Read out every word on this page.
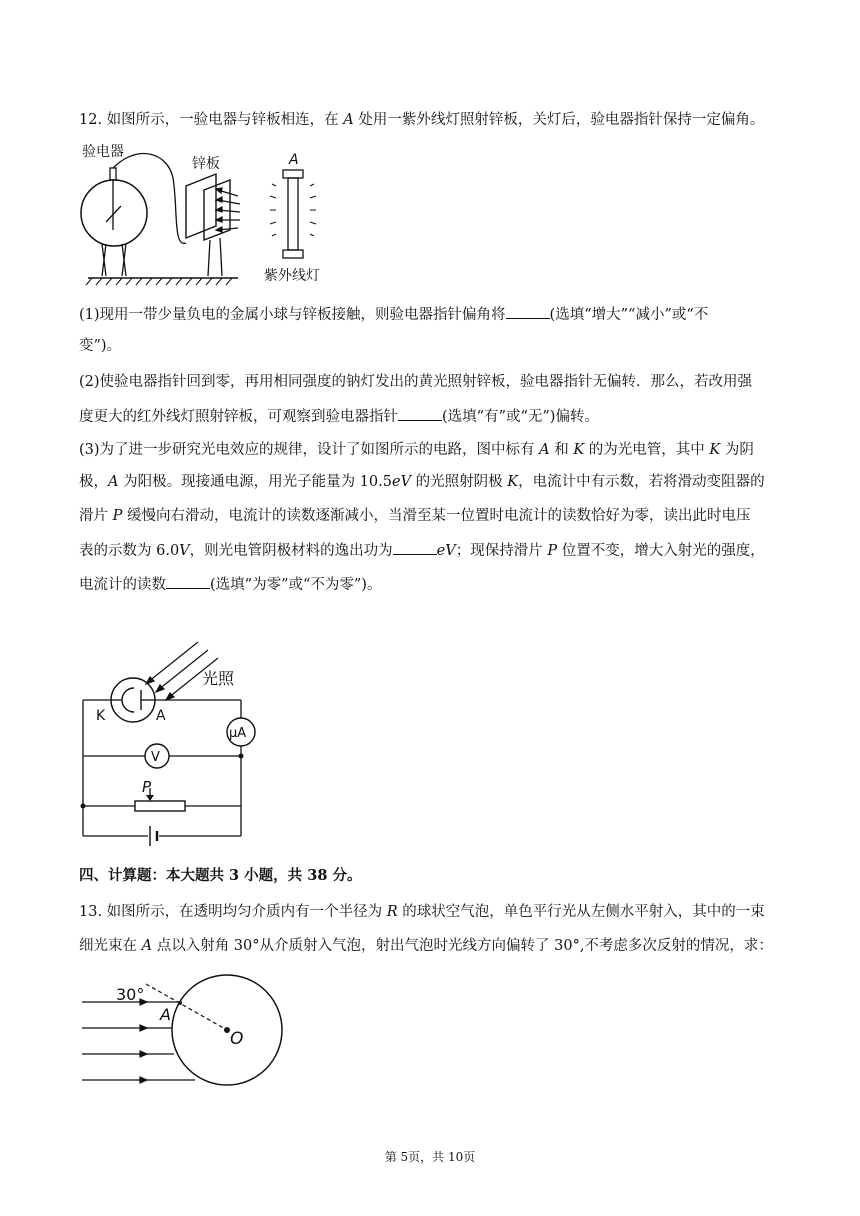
12. 如图所示，一验电器与锌板相连，在 A 处用一紫外线灯照射锌板，关灯后，验电器指针保持一定偏角。
验电器
锌板	A
紫外线灯
(1)现用一带少量负电的金属小球与锌板接触，则验电器指针偏角将	(选填“增大”“减小”或“不
变”)。
(2)使验电器指针回到零，再用相同强度的钠灯发出的黄光照射锌板，验电器指针无偏转．那么，若改用强
度更大的红外线灯照射锌板，可观察到验电器指针	(选填“有”或“无”)偏转。
(3)为了进一步研究光电效应的规律，设计了如图所示的电路，图中标有 A 和 K 的为光电管，其中 K 为阴
极，A 为阳极。现接通电源，用光子能量为 10.5eV 的光照射阴极 K，电流计中有示数，若将滑动变阻器的
滑片 P 缓慢向右滑动，电流计的读数逐渐减小，当滑至某一位置时电流计的读数恰好为零，读出此时电压
表的示数为 6.0V，则光电管阴极材料的逸出功为	eV；现保持滑片 P 位置不变，增大入射光的强度，
电流计的读数	(选填“为零”或“不为零”)。
光照
K	A
μA
V
P
四、计算题：本大题共 3 小题，共 38 分。
13. 如图所示，在透明均匀介质内有一个半径为 R 的球状空气泡，单色平行光从左侧水平射入，其中的一束
细光束在 A 点以入射角 30°从介质射入气泡，射出气泡时光线方向偏转了 30°,不考虑多次反射的情况，求：
30°
A
O
第 5页，共 10页
